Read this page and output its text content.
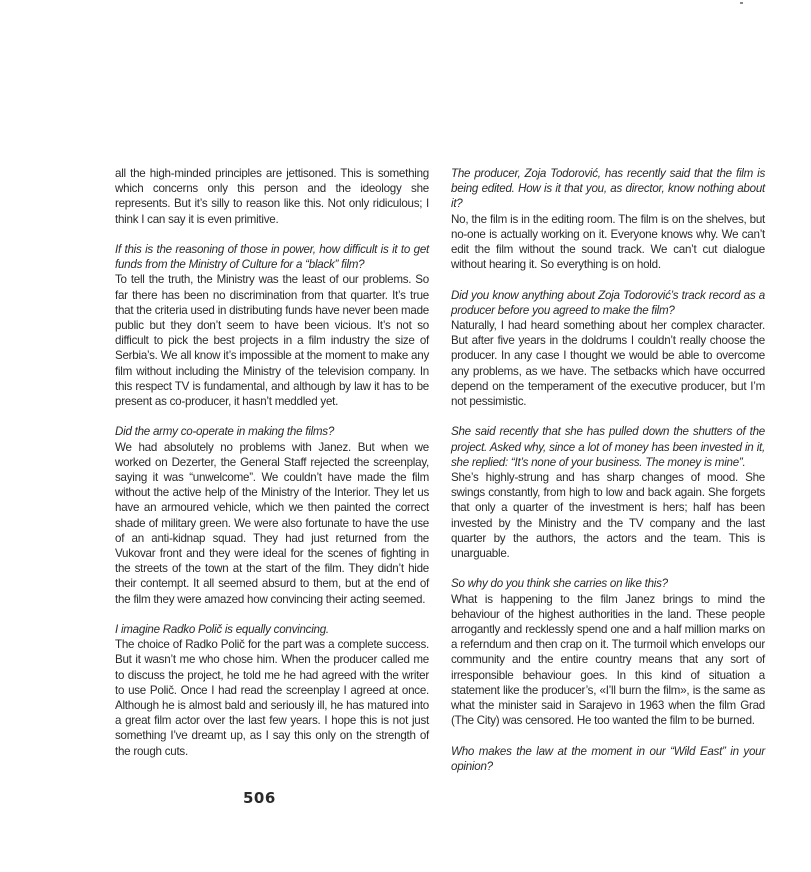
all the high-minded principles are jettisoned. This is something which concerns only this person and the ideology she represents. But it’s silly to reason like this. Not only ridiculous; I think I can say it is even primitive.

If this is the reasoning of those in power, how difficult is it to get funds from the Ministry of Culture for a “black” film?

To tell the truth, the Ministry was the least of our problems. So far there has been no discrimination from that quarter. It’s true that the criteria used in distributing funds have never been made public but they don’t seem to have been vicious. It’s not so difficult to pick the best projects in a film industry the size of Serbia’s. We all know it’s impossible at the moment to make any film without including the Ministry of the television company. In this respect TV is fundamental, and although by law it has to be present as co-producer, it hasn’t meddled yet.

Did the army co-operate in making the films?

We had absolutely no problems with Janez. But when we worked on Dezerter, the General Staff rejected the screenplay, saying it was “unwelcome”. We couldn’t have made the film without the active help of the Ministry of the Interior. They let us have an armoured vehicle, which we then painted the correct shade of military green. We were also fortunate to have the use of an anti-kidnap squad. They had just returned from the Vukovar front and they were ideal for the scenes of fighting in the streets of the town at the start of the film. They didn’t hide their contempt. It all seemed absurd to them, but at the end of the film they were amazed how convincing their acting seemed.

I imagine Radko Polič is equally convincing.

The choice of Radko Polič for the part was a complete success. But it wasn’t me who chose him. When the producer called me to discuss the project, he told me he had agreed with the writer to use Polič. Once I had read the screenplay I agreed at once. Although he is almost bald and seriously ill, he has matured into a great film actor over the last few years. I hope this is not just something I’ve dreamt up, as I say this only on the strength of the rough cuts.

The producer, Zoja Todorović, has recently said that the film is being edited. How is it that you, as director, know nothing about it?

No, the film is in the editing room. The film is on the shelves, but no-one is actually working on it. Everyone knows why. We can’t edit the film without the sound track. We can’t cut dialogue without hearing it. So everything is on hold.

Did you know anything about Zoja Todorović’s track record as a producer before you agreed to make the film?

Naturally, I had heard something about her complex character. But after five years in the doldrums I couldn’t really choose the producer. In any case I thought we would be able to overcome any problems, as we have. The setbacks which have occurred depend on the temperament of the executive producer, but I’m not pessimistic.

She said recently that she has pulled down the shutters of the project. Asked why, since a lot of money has been invested in it, she replied: “It’s none of your business. The money is mine”.

She’s highly-strung and has sharp changes of mood. She swings constantly, from high to low and back again. She forgets that only a quarter of the investment is hers; half has been invested by the Ministry and the TV company and the last quarter by the authors, the actors and the team. This is unarguable.

So why do you think she carries on like this?

What is happening to the film Janez brings to mind the behaviour of the highest authorities in the land. These people arrogantly and recklessly spend one and a half million marks on a referndum and then crap on it. The turmoil which envelops our community and the entire country means that any sort of irresponsible behaviour goes. In this kind of situation a statement like the producer’s, «I’ll burn the film», is the same as what the minister said in Sarajevo in 1963 when the film Grad (The City) was censored. He too wanted the film to be burned.

Who makes the law at the moment in our “Wild East” in your opinion?

506
